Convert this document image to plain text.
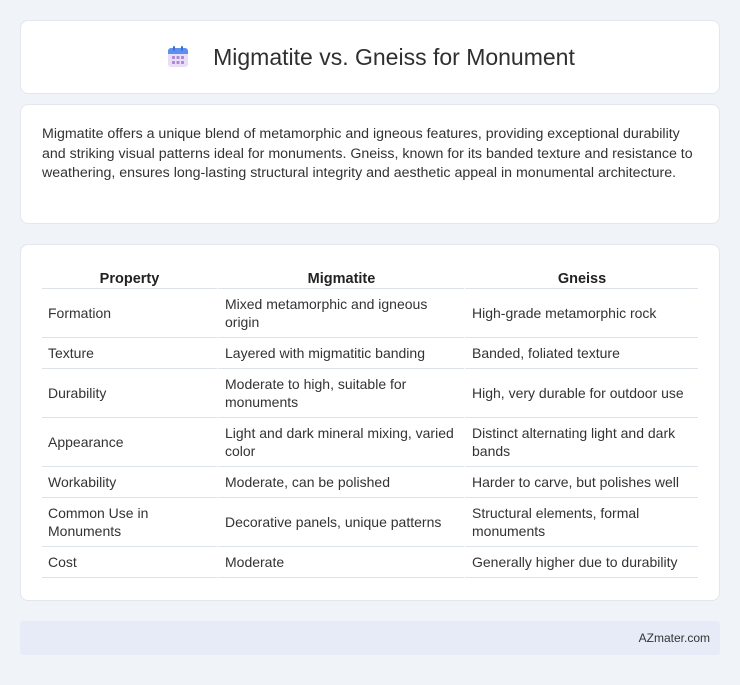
Migmatite vs. Gneiss for Monument

Migmatite offers a unique blend of metamorphic and igneous features, providing exceptional durability and striking visual patterns ideal for monuments. Gneiss, known for its banded texture and resistance to weathering, ensures long-lasting structural integrity and aesthetic appeal in monumental architecture.

Property	Migmatite	Gneiss
Formation	Mixed metamorphic and igneous origin	High-grade metamorphic rock
Texture	Layered with migmatitic banding	Banded, foliated texture
Durability	Moderate to high, suitable for monuments	High, very durable for outdoor use
Appearance	Light and dark mineral mixing, varied color	Distinct alternating light and dark bands
Workability	Moderate, can be polished	Harder to carve, but polishes well
Common Use in Monuments	Decorative panels, unique patterns	Structural elements, formal monuments
Cost	Moderate	Generally higher due to durability
AZmater.com
